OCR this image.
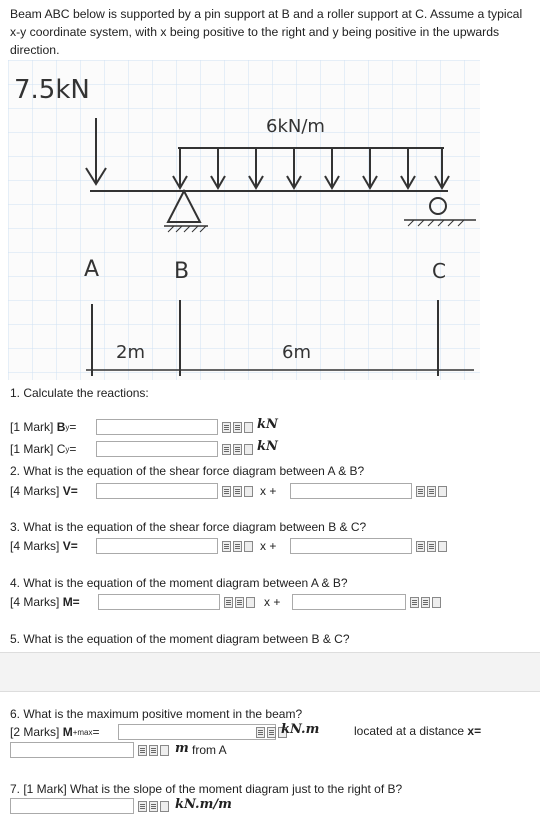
Beam ABC below is supported by a pin support at B and a roller support at C. Assume a typical x-y coordinate system, with x being positive to the right and y being positive in the upwards direction.
7.5kN
6kN/m
A	B	C
2m	6m
1. Calculate the reactions:
[1 Mark]
B y =	kN
[1 Mark]
C y =	kN
2. What is the equation of the shear force diagram between A & B?
[4 Marks]
V=	x +
3. What is the equation of the shear force diagram between B & C?
[4 Marks]
V=	x +
4. What is the equation of the moment diagram between A & B?
[4 Marks]
M=	x +
5. What is the equation of the moment diagram between B & C?
6. What is the maximum positive moment in the beam?
[2 Marks]
M + max =	kN.m	located at a distance x=
m from A
7. [1 Mark] What is the slope of the moment diagram just to the right of B?
kN.m/m
